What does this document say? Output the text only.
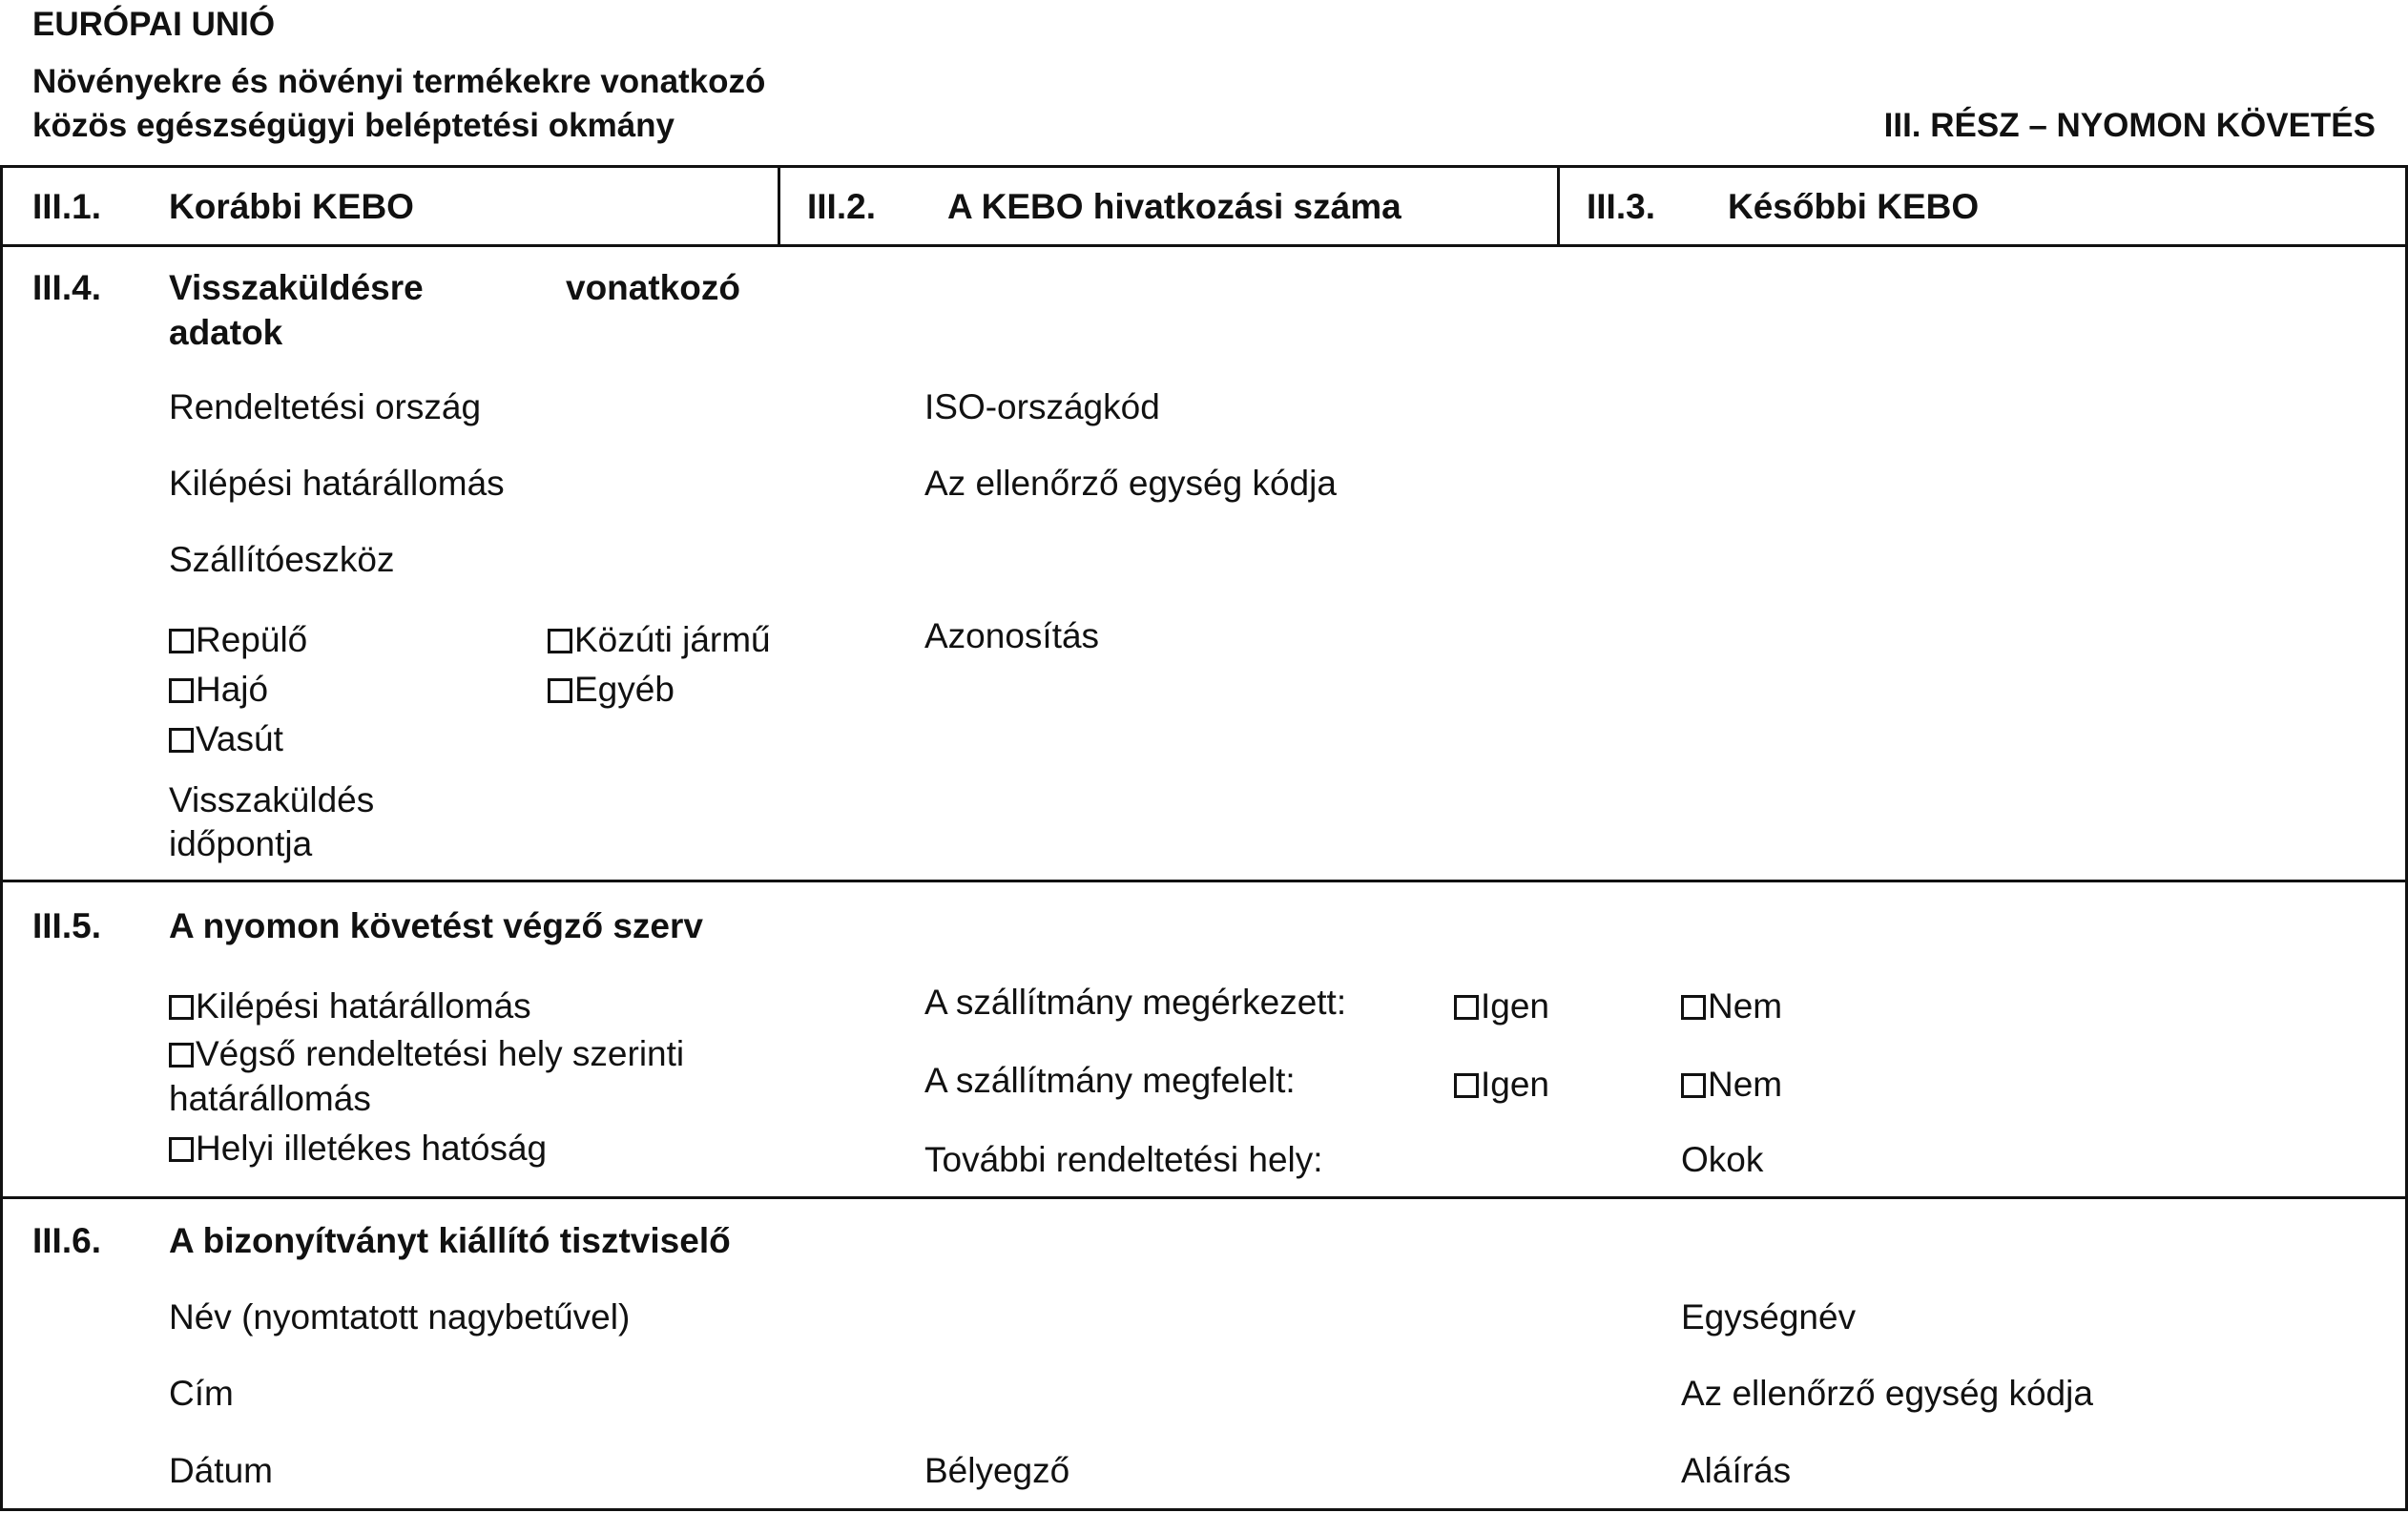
EURÓPAI UNIÓ
Növényekre és növényi termékekre vonatkozó
közös egészségügyi beléptetési okmány	III. RÉSZ – NYOMON KÖVETÉS
III.1. Korábbi KEBO	III.2. A KEBO hivatkozási száma	III.3. Későbbi KEBO
III.4. Visszaküldésre	vonatkozó
adatok
Rendeltetési ország	ISO-országkód
Kilépési határállomás	Az ellenőrző egység kódja
Szállítóeszköz
Repülő	Közúti jármű	Azonosítás
Hajó	Egyéb
Vasút
Visszaküldés
időpontja
III.5. A nyomon követést végző szerv
Kilépési határállomás	A szállítmány megérkezett:	Igen	Nem
Végső rendeltetési hely szerinti
határállomás	A szállítmány megfelelt:	Igen	Nem
Helyi illetékes hatóság	További rendeltetési hely:	Okok
III.6. A bizonyítványt kiállító tisztviselő
Név (nyomtatott nagybetűvel)	Egységnév
Cím	Az ellenőrző egység kódja
Dátum	Bélyegző	Aláírás
